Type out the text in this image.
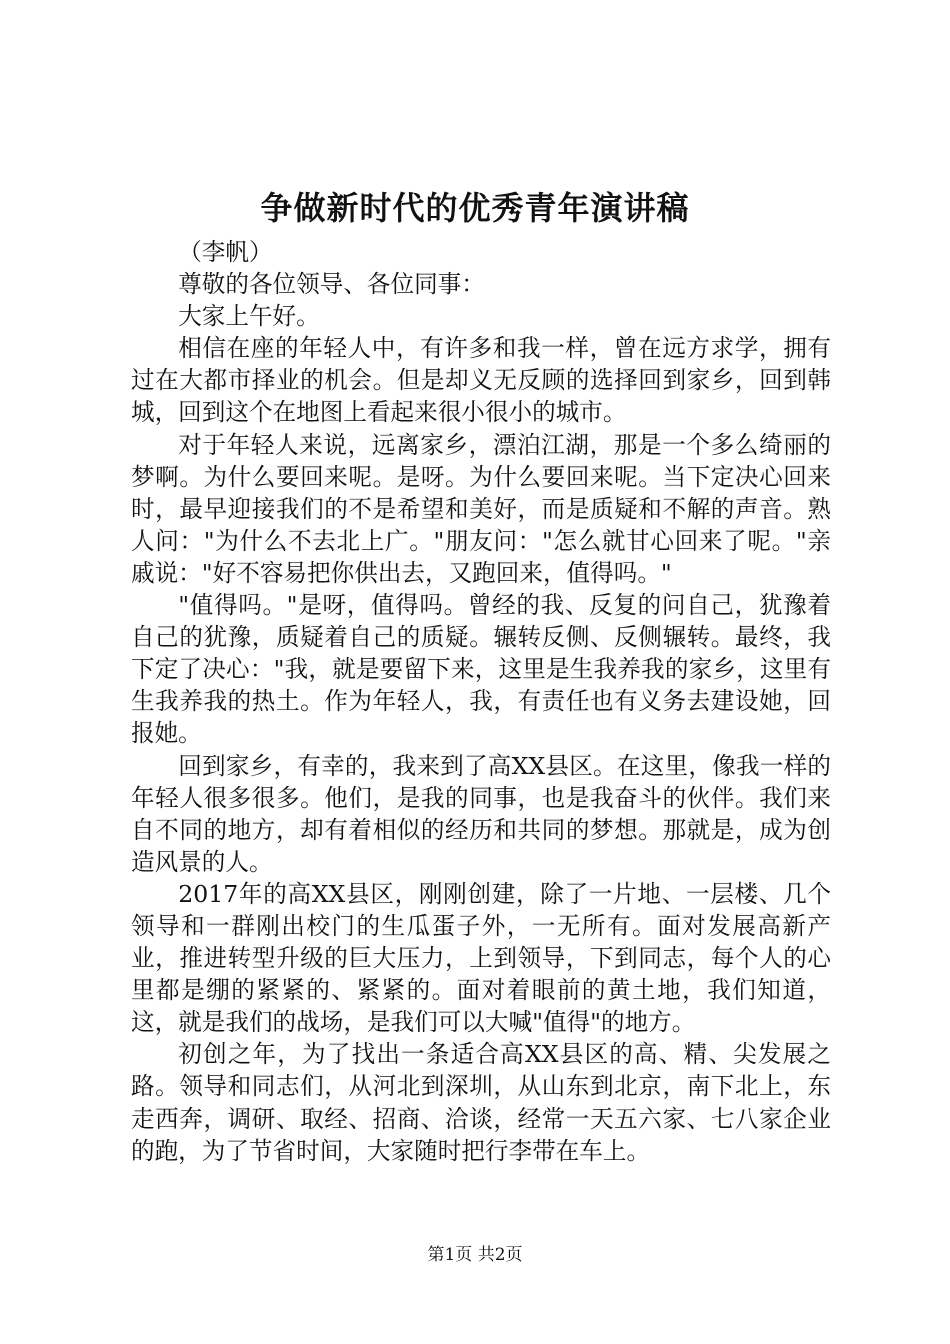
争做新时代的优秀青年演讲稿

（李帆）

尊敬的各位领导、各位同事：

大家上午好。

相信在座的年轻人中，有许多和我一样，曾在远方求学，拥有过在大都市择业的机会。但是却义无反顾的选择回到家乡，回到韩城，回到这个在地图上看起来很小很小的城市。

对于年轻人来说，远离家乡，漂泊江湖，那是一个多么绮丽的梦啊。为什么要回来呢。是呀。为什么要回来呢。当下定决心回来时，最早迎接我们的不是希望和美好，而是质疑和不解的声音。熟人问："为什么不去北上广。"朋友问："怎么就甘心回来了呢。"亲戚说："好不容易把你供出去，又跑回来，值得吗。"

"值得吗。"是呀，值得吗。曾经的我、反复的问自己，犹豫着自己的犹豫，质疑着自己的质疑。辗转反侧、反侧辗转。最终，我下定了决心："我，就是要留下来，这里是生我养我的家乡，这里有生我养我的热土。作为年轻人，我，有责任也有义务去建设她，回报她。

回到家乡，有幸的，我来到了高XX县区。在这里，像我一样的年轻人很多很多。他们，是我的同事，也是我奋斗的伙伴。我们来自不同的地方，却有着相似的经历和共同的梦想。那就是，成为创造风景的人。

2017年的高XX县区，刚刚创建，除了一片地、一层楼、几个领导和一群刚出校门的生瓜蛋子外，一无所有。面对发展高新产业，推进转型升级的巨大压力，上到领导，下到同志，每个人的心里都是绷的紧紧的、紧紧的。面对着眼前的黄土地，我们知道，这，就是我们的战场，是我们可以大喊"值得"的地方。

初创之年，为了找出一条适合高XX县区的高、精、尖发展之路。领导和同志们，从河北到深圳，从山东到北京，南下北上，东走西奔，调研、取经、招商、洽谈，经常一天五六家、七八家企业的跑，为了节省时间，大家随时把行李带在车上。

第1页 共2页
